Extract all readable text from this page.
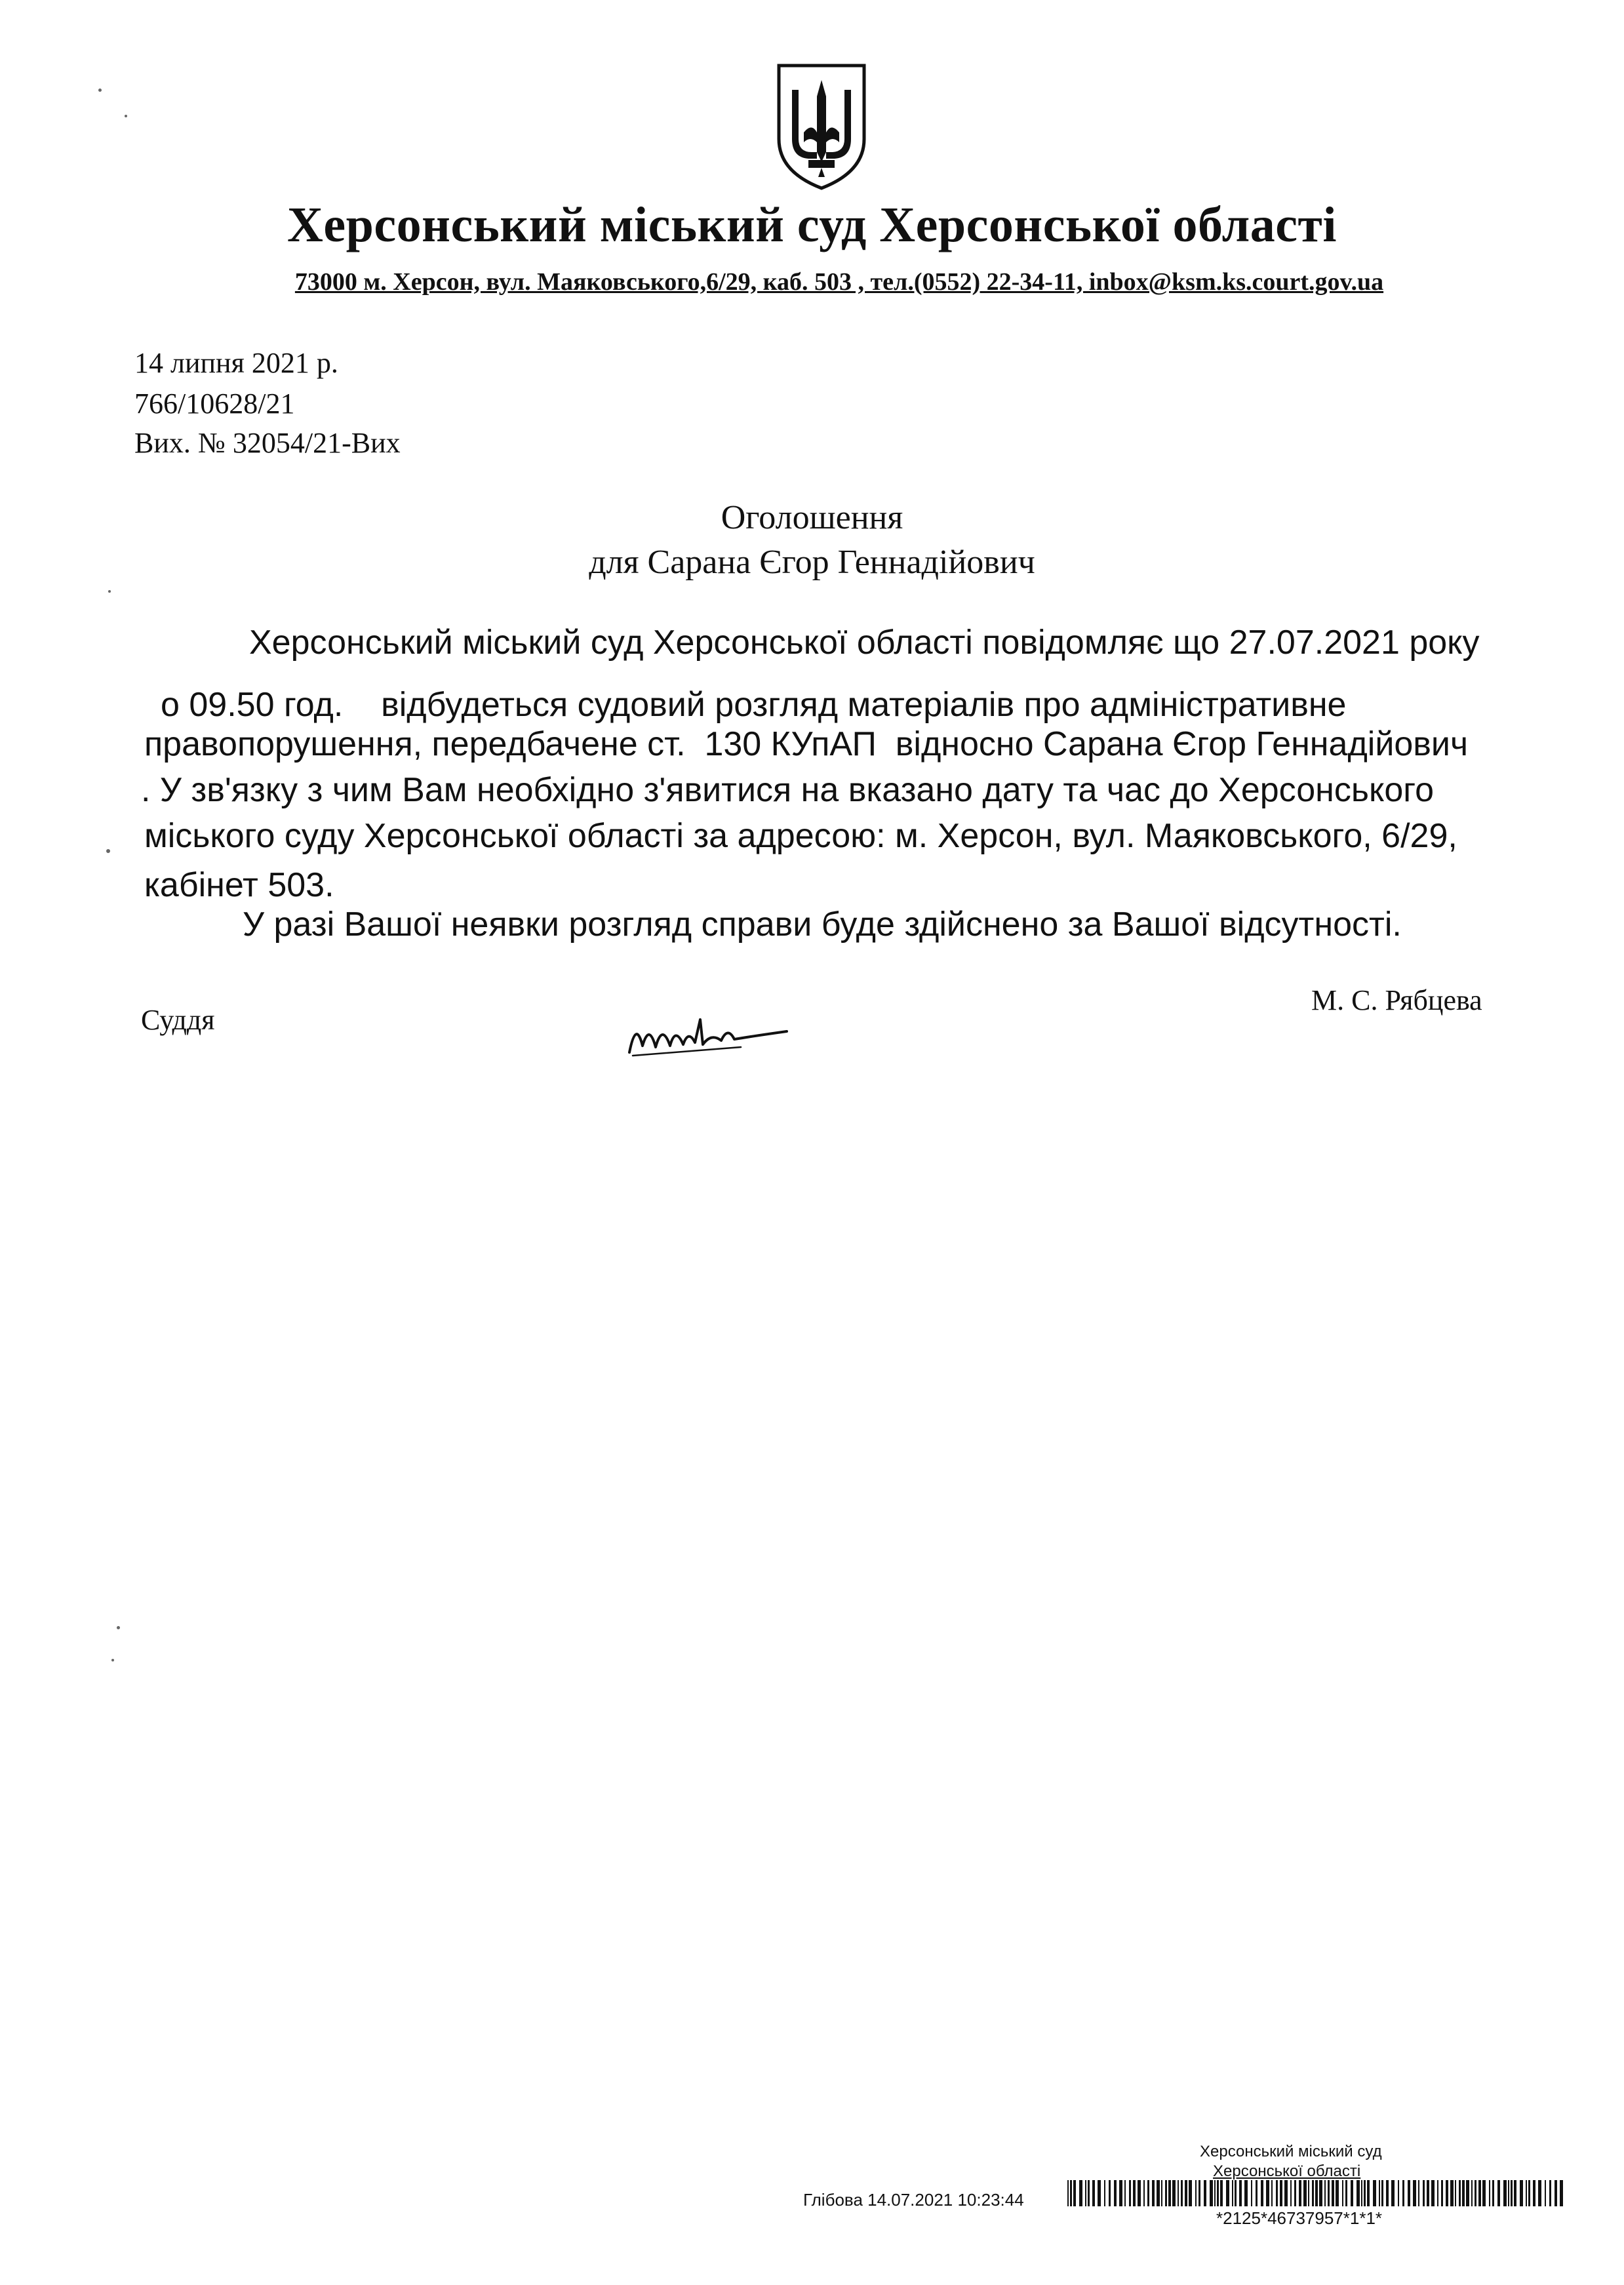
Херсонський міський суд Херсонської області
73000 м. Херсон, вул. Маяковського,6/29, каб. 503 , тел.(0552) 22-34-11, inbox@ksm.ks.court.gov.ua
14 липня 2021 р.
766/10628/21
Вих. № 32054/21-Вих
Оголошення
для Сарана Єгор Геннадійович
Херсонський міський суд Херсонської області повідомляє що 27.07.2021 року
о 09.50 год.    відбудеться судовий розгляд матеріалів про адміністративне
правопорушення, передбачене ст.  130 КУпАП  відносно Сарана Єгор Геннадійович
. У зв'язку з чим Вам необхідно з'явитися на вказано дату та час до Херсонського
міського суду Херсонської області за адресою: м. Херсон, вул. Маяковського, 6/29,
кабінет 503.
У разі Вашої неявки розгляд справи буде здійснено за Вашої відсутності.
Суддя
М. С. Рябцева
Херсонський міський суд
Херсонської області
Глібова 14.07.2021 10:23:44
*2125*46737957*1*1*
